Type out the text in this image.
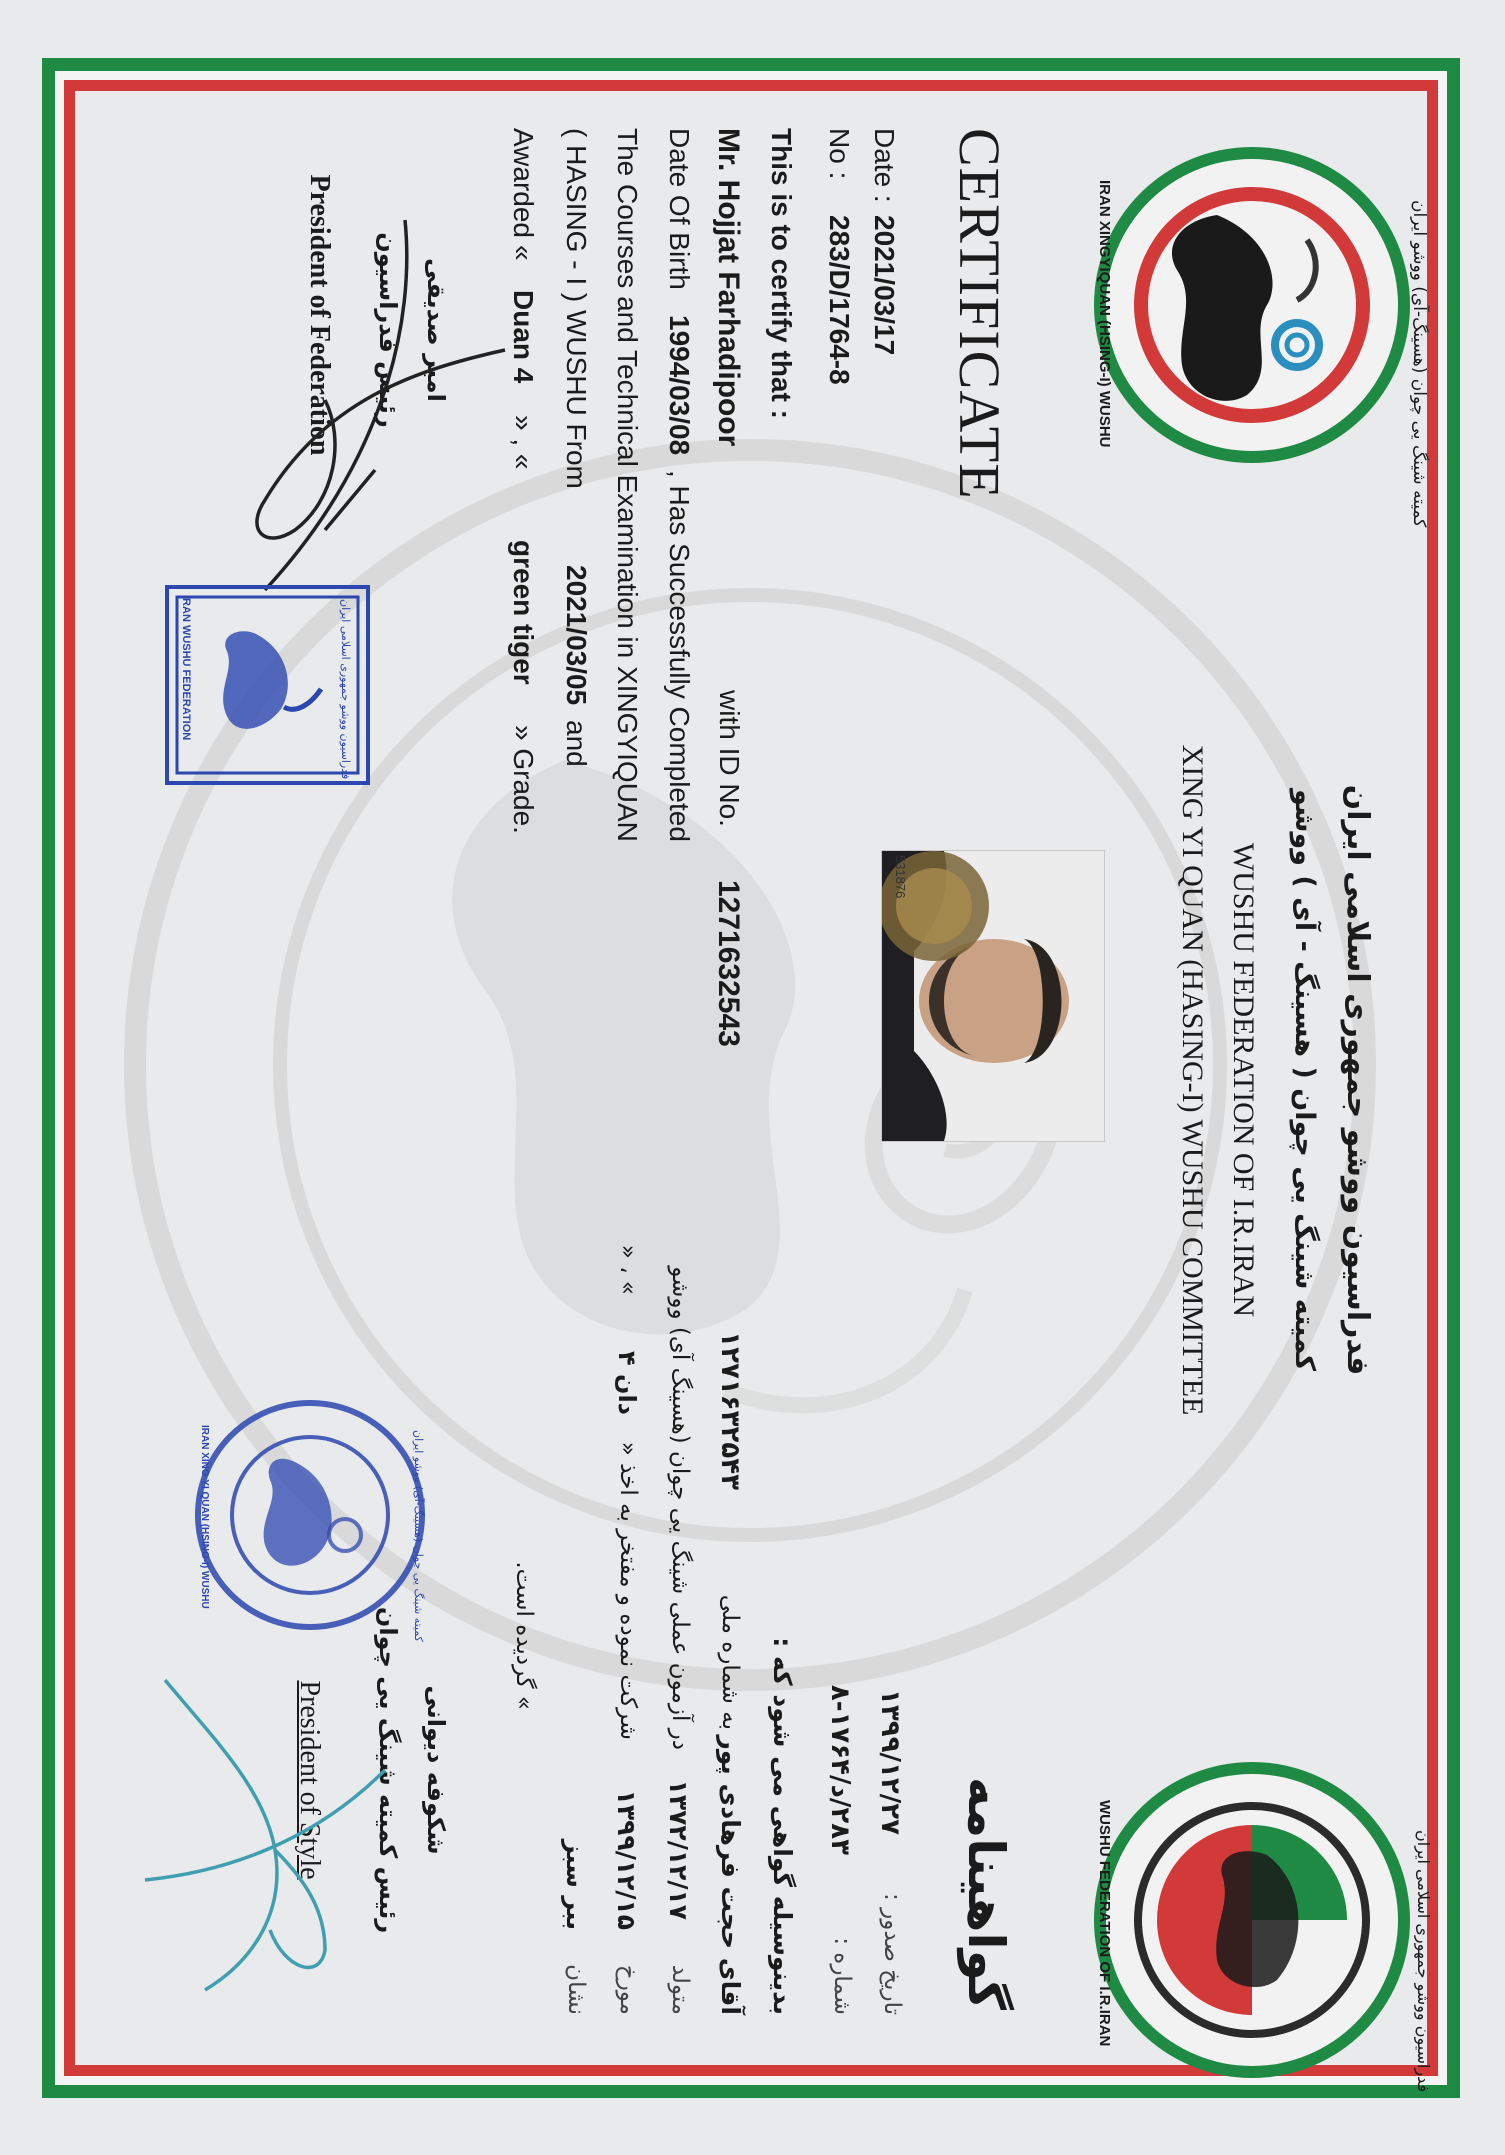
کمیته شینگ یی چوان (هسینگ-آی) ووشو ایران
IRAN XINGYIQUAN (HSING-I) WUSHU
WUSHU FEDERATION OF I.R.IRAN	فدراسیون ووشو جمهوری اسلامی ایران
فدراسیون ووشو جمهوری اسلامی ایران
کمیته شینگ یی چوان ( هسینگ - آی ) ووشو
WUSHU FEDERATION OF I.R.IRAN
XING YI QUAN (HASING-I) WUSHU COMMITTEE
531876
CERTIFICATE
Date :
2021/03/17
No :
283/D/1764-8
This is to certify that :
Mr. Hojjat Farhadipoor
with ID No.
1271632543
Date Of Birth
1994/03/08
, Has Successfully Completed
The Courses and Technical Examination in XINGYIQUAN
( HASING - I ) WUSHU From
2021/03/05
and
Awarded
«
Duan 4
» , «
green tiger
» Grade.
گواهینامه
تاریخ صدور :
۱۳۹۹/۱۲/۲۷
شماره :
۲۸۳/د/۱۷۶۴-۸
بدینوسیله گواهی می شود که :
آقای حجت فرهادی پور
به شماره ملی
۱۲۷۱۶۳۲۵۴۳
متولد
۱۳۷۲/۱۲/۱۷
در آزمون عملی شینگ یی چوان (هسینگ آی) ووشو
مورخ
۱۳۹۹/۱۲/۱۵
شرکت نموده و مفتخر به اخذ «
دان ۴
» ، «
نشان
ببر سبز
» گردیده است.
امیر صدیقی
رئیس فدراسیون
President of Federation
شکوفه دیوانی
رئیس کمیته شینگ یی چوان
President of Style
IRAN WUSHU FEDERATION	فدراسیون ووشو جمهوری اسلامی ایران
کمیته شینگ یی چوان (هسینگ-آی) ووشو ایران
IRAN XING YI QUAN (HSING-I) WUSHU
